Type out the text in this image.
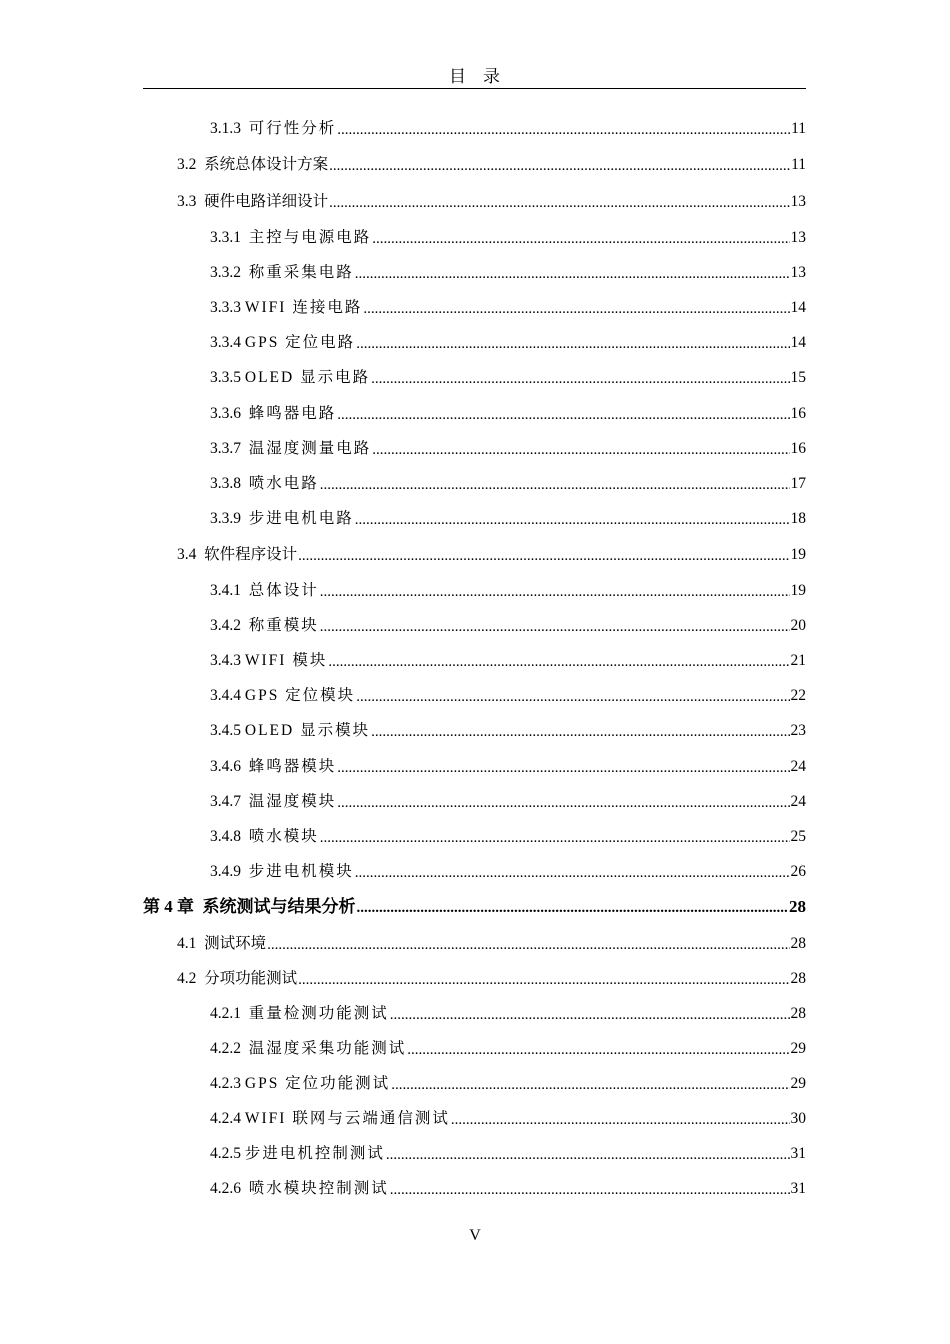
目　录
3.1.3 可行性分析 .....	11
3.2 系统总体设计方案 .....	11
3.3 硬件电路详细设计 .....	13
3.3.1 主控与电源电路 .....	13
3.3.2 称重采集电路 .....	13
3.3.3 WIFI 连接电路 .....	14
3.3.4 GPS 定位电路 .....	14
3.3.5 OLED 显示电路 .....	15
3.3.6 蜂鸣器电路 .....	16
3.3.7 温湿度测量电路 .....	16
3.3.8 喷水电路 .....	17
3.3.9 步进电机电路 .....	18
3.4 软件程序设计 .....	19
3.4.1 总体设计 .....	19
3.4.2 称重模块 .....	20
3.4.3 WIFI 模块 .....	21
3.4.4 GPS 定位模块 .....	22
3.4.5 OLED 显示模块 .....	23
3.4.6 蜂鸣器模块 .....	24
3.4.7 温湿度模块 .....	24
3.4.8 喷水模块 .....	25
3.4.9 步进电机模块 .....	26
第 4 章 系统测试与结果分析 .....	28
4.1 测试环境 .....	28
4.2 分项功能测试 .....	28
4.2.1 重量检测功能测试 .....	28
4.2.2 温湿度采集功能测试 .....	29
4.2.3 GPS 定位功能测试 .....	29
4.2.4 WIFI 联网与云端通信测试 .....	30
4.2.5 步进电机控制测试 .....	31
4.2.6 喷水模块控制测试 .....	31
V
